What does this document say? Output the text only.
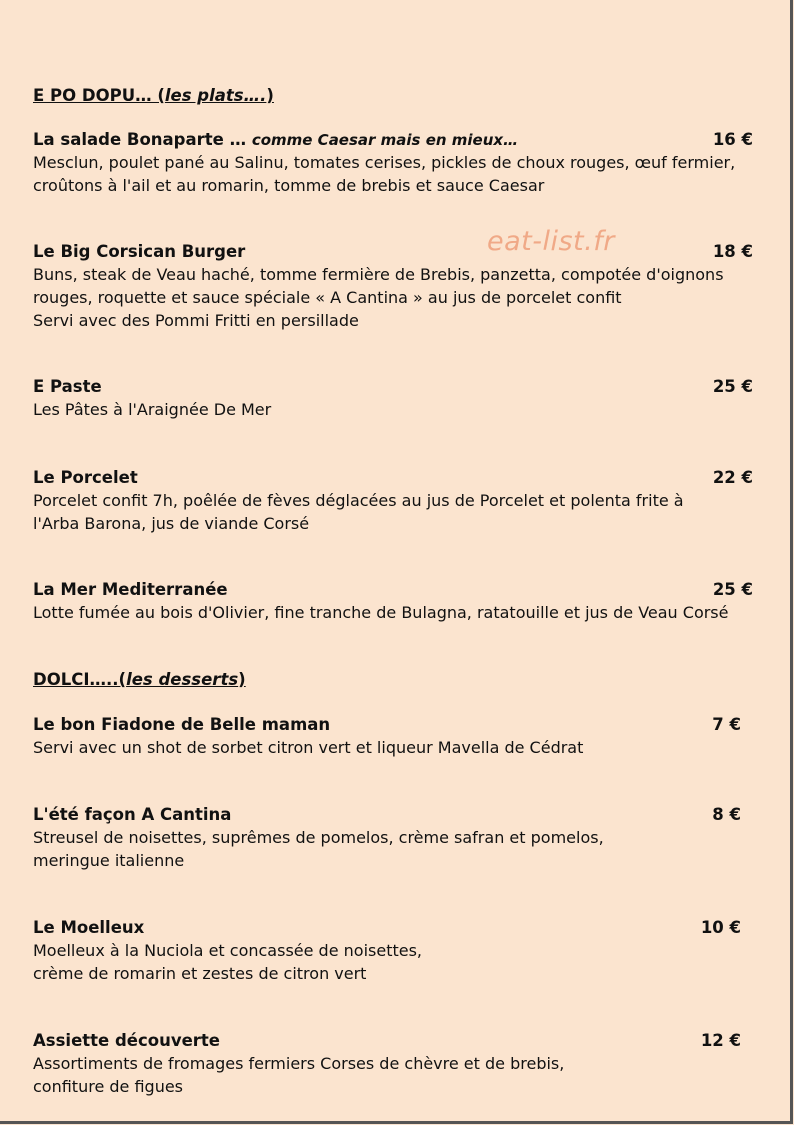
eat-list.fr
E PO DOPU… (les plats….)
La salade Bonaparte … comme Caesar mais en mieux…	16 €
Mesclun, poulet pané au Salinu, tomates cerises, pickles de choux rouges, œuf fermier,
croûtons à l'ail et au romarin, tomme de brebis et sauce Caesar
Le Big Corsican Burger	18 €
Buns, steak de Veau haché, tomme fermière de Brebis, panzetta, compotée d'oignons
rouges, roquette et sauce spéciale « A Cantina » au jus de porcelet confit
Servi avec des Pommi Fritti en persillade
E Paste	25 €
Les Pâtes à l'Araignée De Mer
Le Porcelet	22 €
Porcelet confit 7h, poêlée de fèves déglacées au jus de Porcelet et polenta frite à
l'Arba Barona, jus de viande Corsé
La Mer Mediterranée	25 €
Lotte fumée au bois d'Olivier, fine tranche de Bulagna, ratatouille et jus de Veau Corsé
DOLCI…..(les desserts)
Le bon Fiadone de Belle maman	7 €
Servi avec un shot de sorbet citron vert et liqueur Mavella de Cédrat
L'été façon A Cantina	8 €
Streusel de noisettes, suprêmes de pomelos, crème safran et pomelos,
meringue italienne
Le Moelleux	10 €
Moelleux à la Nuciola et concassée de noisettes,
crème de romarin et zestes de citron vert
Assiette découverte	12 €
Assortiments de fromages fermiers Corses de chèvre et de brebis,
confiture de figues
